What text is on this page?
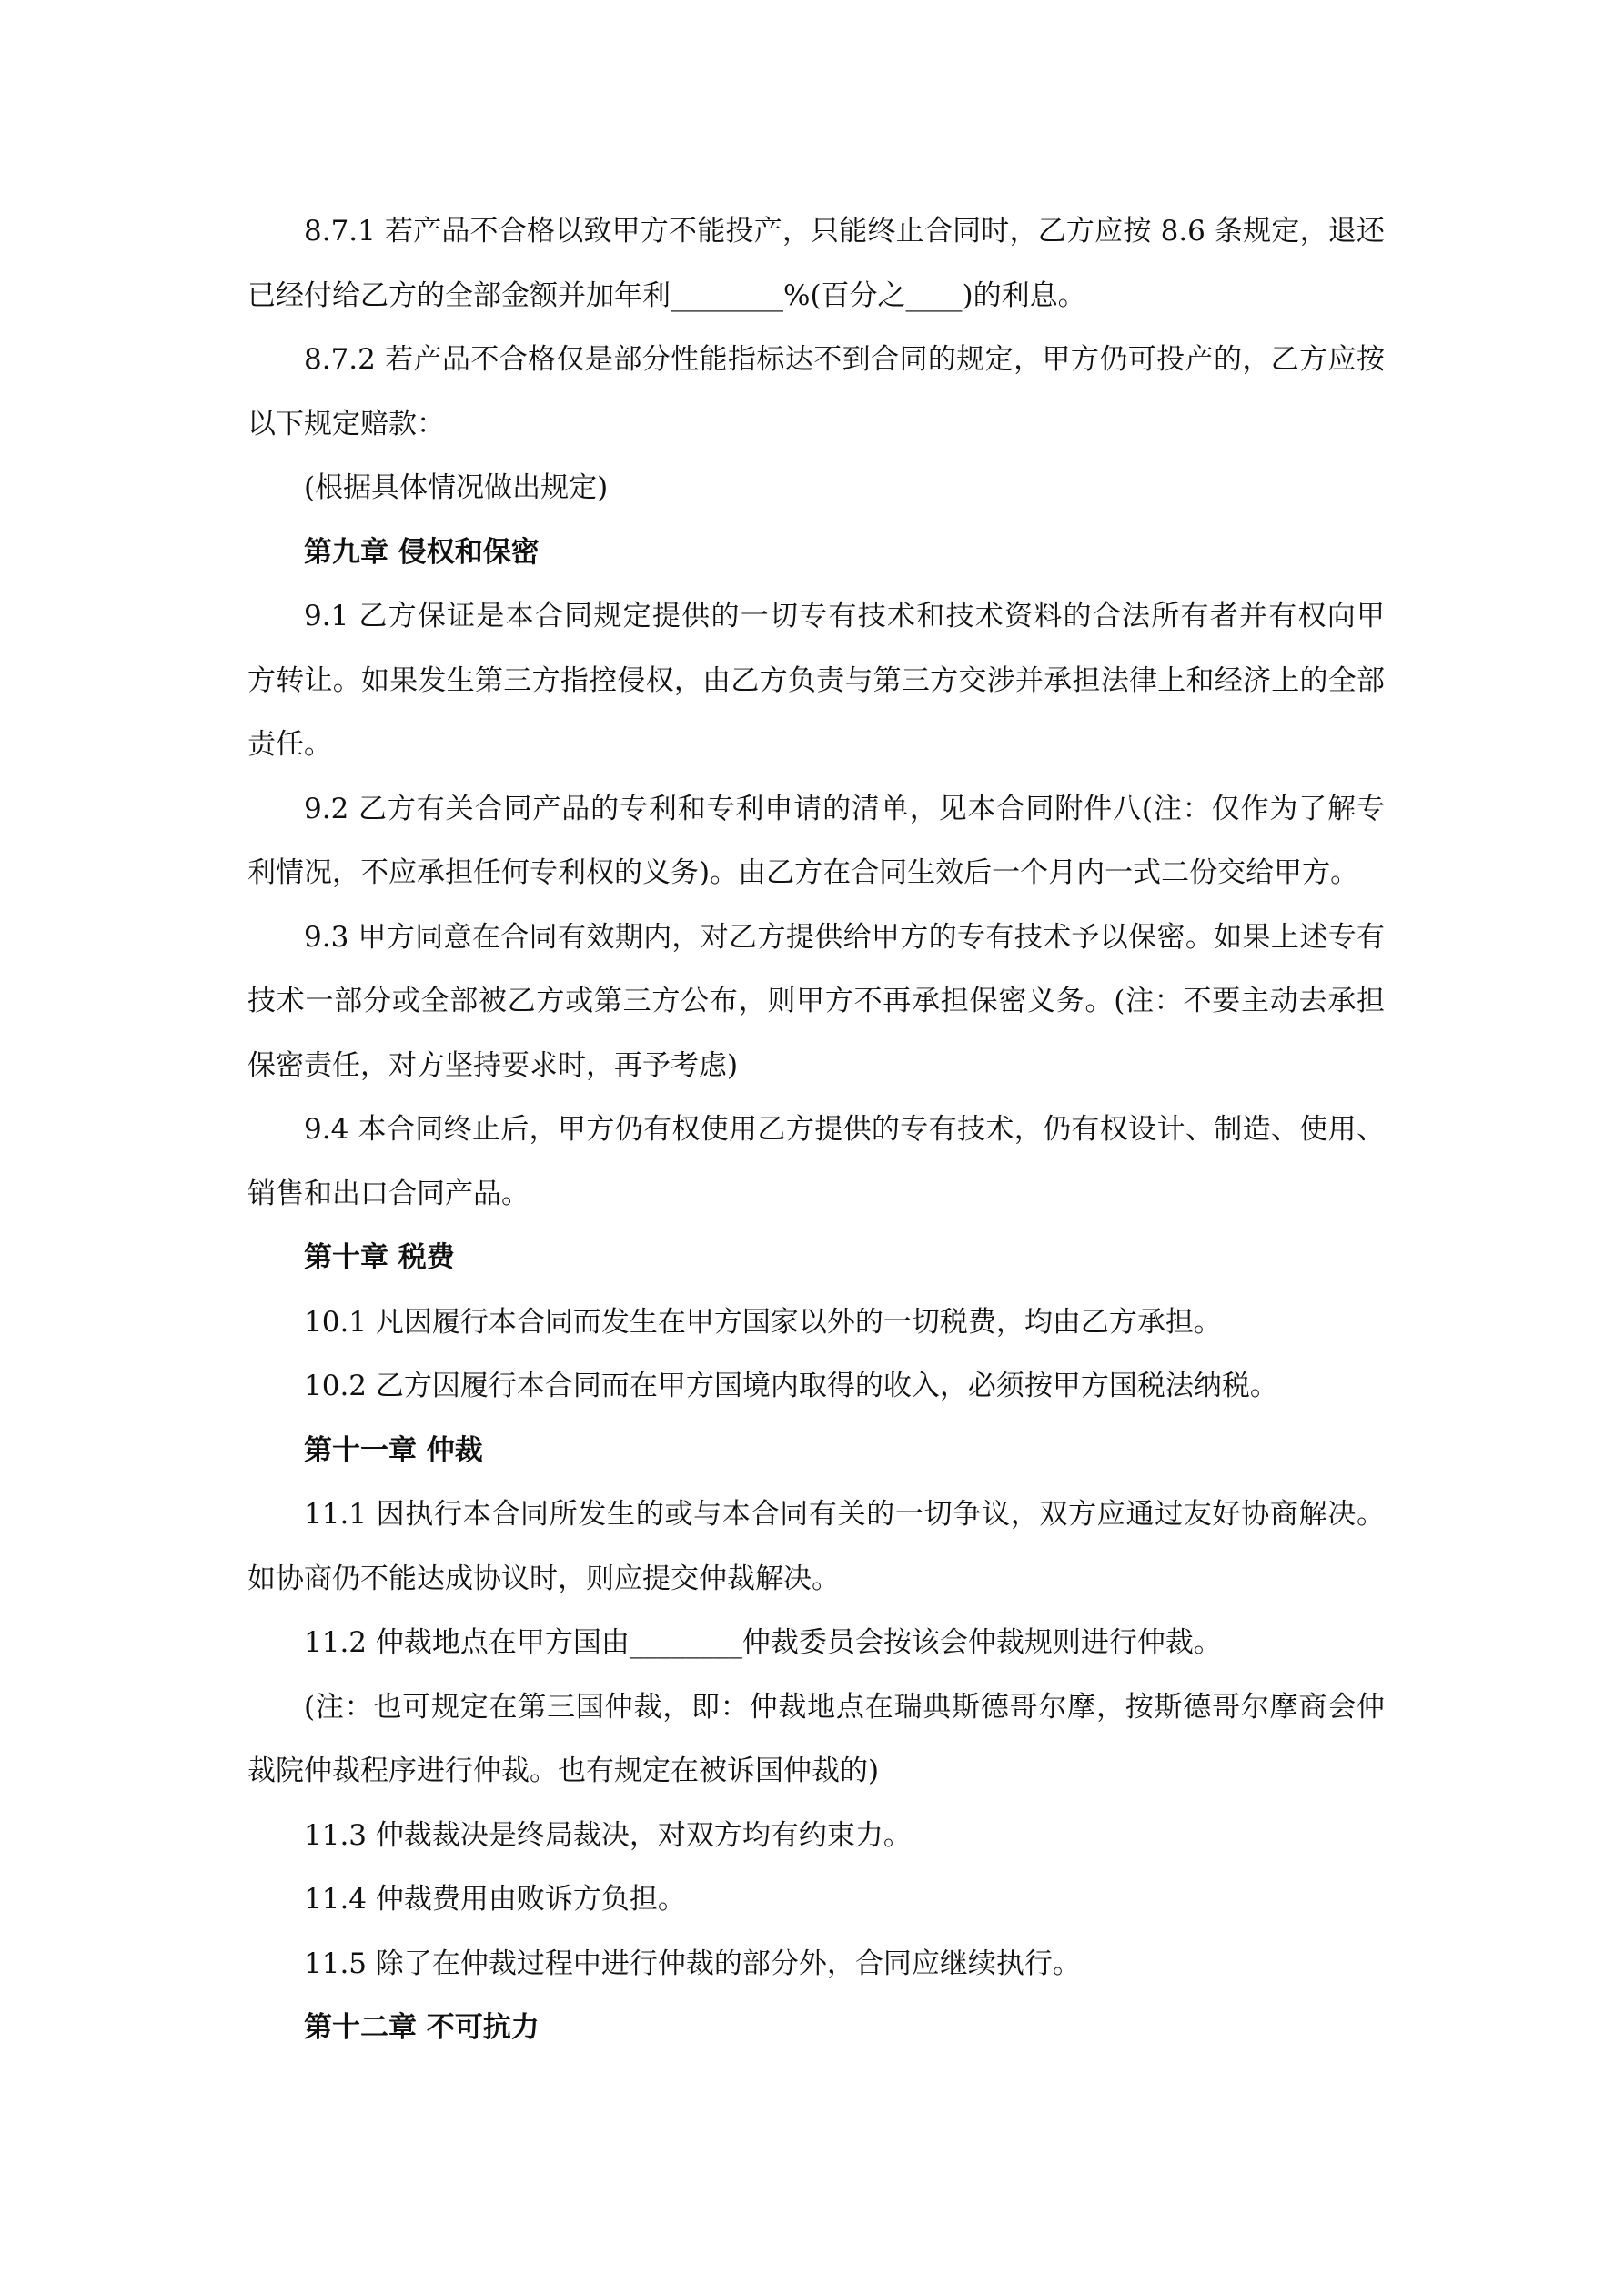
8.7.1 若产品不合格以致甲方不能投产，只能终止合同时，乙方应按 8.6 条规定，退还
已经付给乙方的全部金额并加年利________%(百分之____)的利息。
8.7.2 若产品不合格仅是部分性能指标达不到合同的规定，甲方仍可投产的，乙方应按
以下规定赔款：
(根据具体情况做出规定)
第九章 侵权和保密
9.1 乙方保证是本合同规定提供的一切专有技术和技术资料的合法所有者并有权向甲
方转让。如果发生第三方指控侵权，由乙方负责与第三方交涉并承担法律上和经济上的全部
责任。
9.2 乙方有关合同产品的专利和专利申请的清单，见本合同附件八(注：仅作为了解专
利情况，不应承担任何专利权的义务)。由乙方在合同生效后一个月内一式二份交给甲方。
9.3 甲方同意在合同有效期内，对乙方提供给甲方的专有技术予以保密。如果上述专有
技术一部分或全部被乙方或第三方公布，则甲方不再承担保密义务。(注：不要主动去承担
保密责任，对方坚持要求时，再予考虑)
9.4 本合同终止后，甲方仍有权使用乙方提供的专有技术，仍有权设计、制造、使用、
销售和出口合同产品。
第十章 税费
10.1 凡因履行本合同而发生在甲方国家以外的一切税费，均由乙方承担。
10.2 乙方因履行本合同而在甲方国境内取得的收入，必须按甲方国税法纳税。
第十一章 仲裁
11.1 因执行本合同所发生的或与本合同有关的一切争议，双方应通过友好协商解决。
如协商仍不能达成协议时，则应提交仲裁解决。
11.2 仲裁地点在甲方国由________仲裁委员会按该会仲裁规则进行仲裁。
(注：也可规定在第三国仲裁，即：仲裁地点在瑞典斯德哥尔摩，按斯德哥尔摩商会仲
裁院仲裁程序进行仲裁。也有规定在被诉国仲裁的)
11.3 仲裁裁决是终局裁决，对双方均有约束力。
11.4 仲裁费用由败诉方负担。
11.5 除了在仲裁过程中进行仲裁的部分外，合同应继续执行。
第十二章 不可抗力
